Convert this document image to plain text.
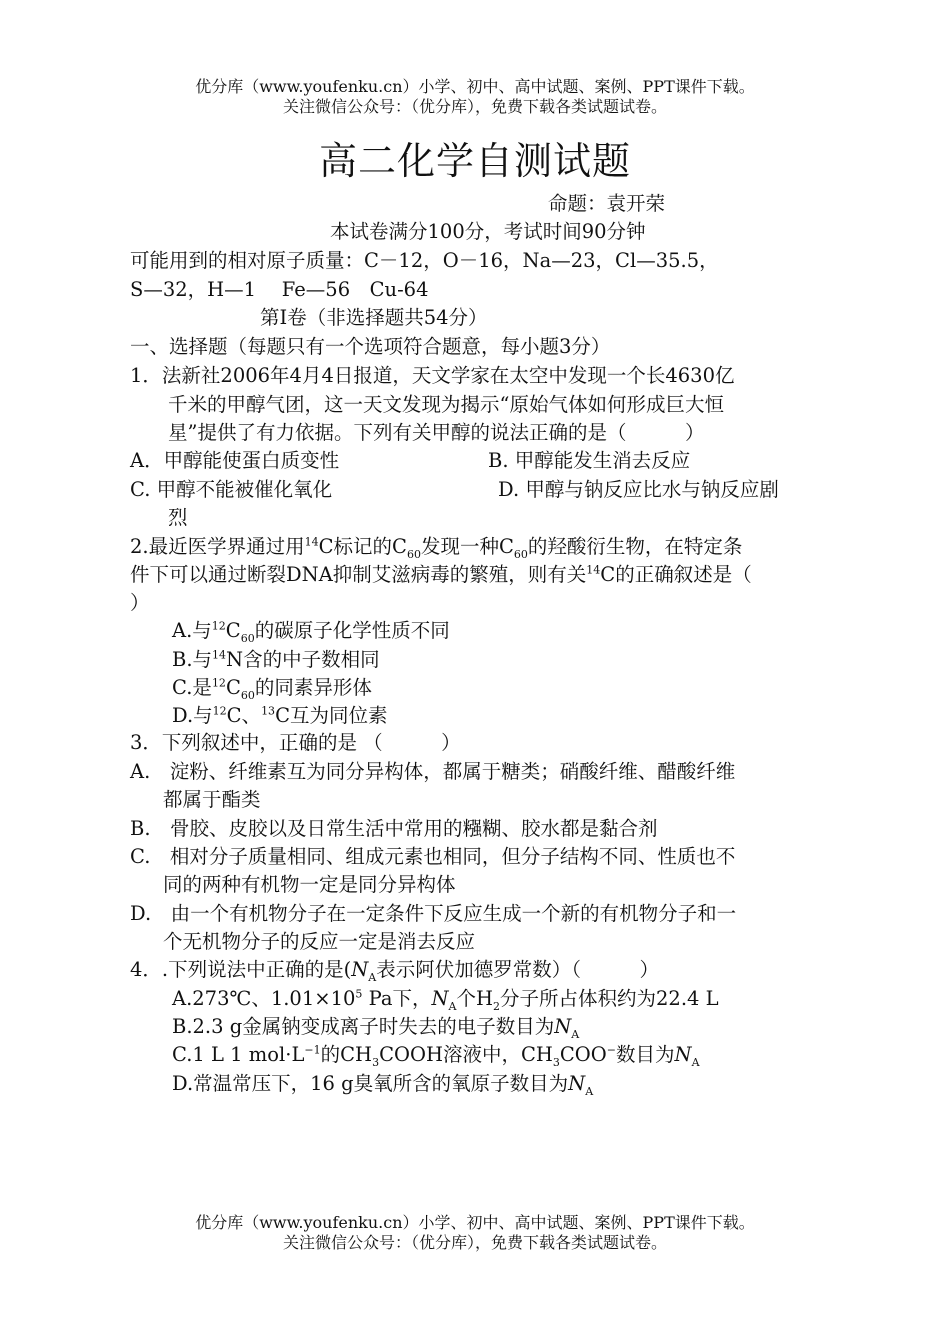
优分库（www.youfenku.cn）小学、初中、高中试题、案例、PPT课件下载。
关注微信公众号：（优分库），免费下载各类试题试卷。
高二化学自测试题
命题：袁开荣
本试卷满分100分，考试时间90分钟
可能用到的相对原子质量：C－12，O－16，Na—23，Cl—35.5，
S—32，H—1　 Fe—56　Cu-64
第Ⅰ卷（非选择题共54分）
一、选择题（每题只有一个选项符合题意，每小题3分）
1．法新社2006年4月4日报道，天文学家在太空中发现一个长4630亿
千米的甲醇气团，这一天文发现为揭示“原始气体如何形成巨大恒
星”提供了有力依据。下列有关甲醇的说法正确的是（　　　）
A．甲醇能使蛋白质变性	B. 甲醇能发生消去反应
C. 甲醇不能被催化氧化	D. 甲醇与钠反应比水与钠反应剧
烈
2.最近医学界通过用$^{14}$C标记的$C_{60}$发现一种$C_{60}$的羟酸衍生物，在特定条
件下可以通过断裂DNA抑制艾滋病毒的繁殖，则有关$^{14}$C的正确叙述是（
）
A.与$^{12}C_{60}$的碳原子化学性质不同
B.与$^{14}$N含的中子数相同
C.是$^{12}C_{60}$的同素异形体
D.与$^{12}$C、$^{13}$C互为同位素
3．下列叙述中，正确的是 （　　　）
A.　淀粉、纤维素互为同分异构体，都属于糖类；硝酸纤维、醋酸纤维
都属于酯类
B.　骨胶、皮胶以及日常生活中常用的糨糊、胶水都是黏合剂
C.　相对分子质量相同、组成元素也相同，但分子结构不同、性质也不
同的两种有机物一定是同分异构体
D.　由一个有机物分子在一定条件下反应生成一个新的有机物分子和一
个无机物分子的反应一定是消去反应
4．.下列说法中正确的是($N_A$表示阿伏加德罗常数）（　　　）
A.273℃、$1.01\times 10^5$ Pa下，$N_A$个$H_2$分子所占体积约为22.4 L
B.2.3 g金属钠变成离子时失去的电子数目为$N_A$
C.1 L 1 $mol\cdot L^{-1}$的$CH_3COOH$溶液中，$CH_3COO^-$数目为$N_A$
D.常温常压下，16 g臭氧所含的氧原子数目为$N_A$
优分库（www.youfenku.cn）小学、初中、高中试题、案例、PPT课件下载。
关注微信公众号：（优分库），免费下载各类试题试卷。
